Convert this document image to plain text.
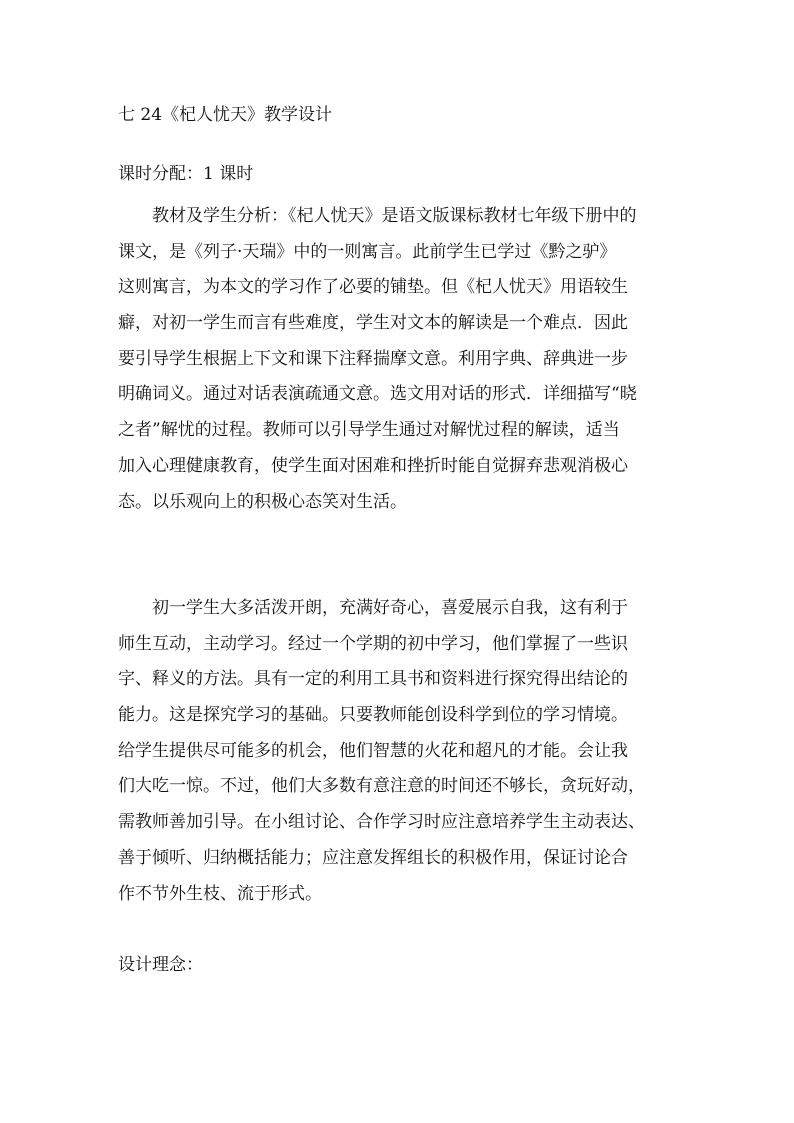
七 24《杞人忧天》教学设计
课时分配：1 课时
　　教材及学生分析：《杞人忧天》是语文版课标教材七年级下册中的
课文，是《列子·天瑞》中的一则寓言。此前学生已学过《黔之驴》
这则寓言，为本文的学习作了必要的铺垫。但《杞人忧天》用语较生
癖，对初一学生而言有些难度，学生对文本的解读是一个难点．因此
要引导学生根据上下文和课下注释揣摩文意。利用字典、辞典进一步
明确词义。通过对话表演疏通文意。选文用对话的形式．详细描写“晓
之者”解忧的过程。教师可以引导学生通过对解忧过程的解读，适当
加入心理健康教育，使学生面对困难和挫折时能自觉摒弃悲观消极心
态。以乐观向上的积极心态笑对生活。
　　初一学生大多活泼开朗，充满好奇心，喜爱展示自我，这有利于
师生互动，主动学习。经过一个学期的初中学习，他们掌握了一些识
字、释义的方法。具有一定的利用工具书和资料进行探究得出结论的
能力。这是探究学习的基础。只要教师能创设科学到位的学习情境。
给学生提供尽可能多的机会，他们智慧的火花和超凡的才能。会让我
们大吃一惊。不过，他们大多数有意注意的时间还不够长，贪玩好动，
需教师善加引导。在小组讨论、合作学习时应注意培养学生主动表达、
善于倾听、归纳概括能力；应注意发挥组长的积极作用，保证讨论合
作不节外生枝、流于形式。
设计理念：
